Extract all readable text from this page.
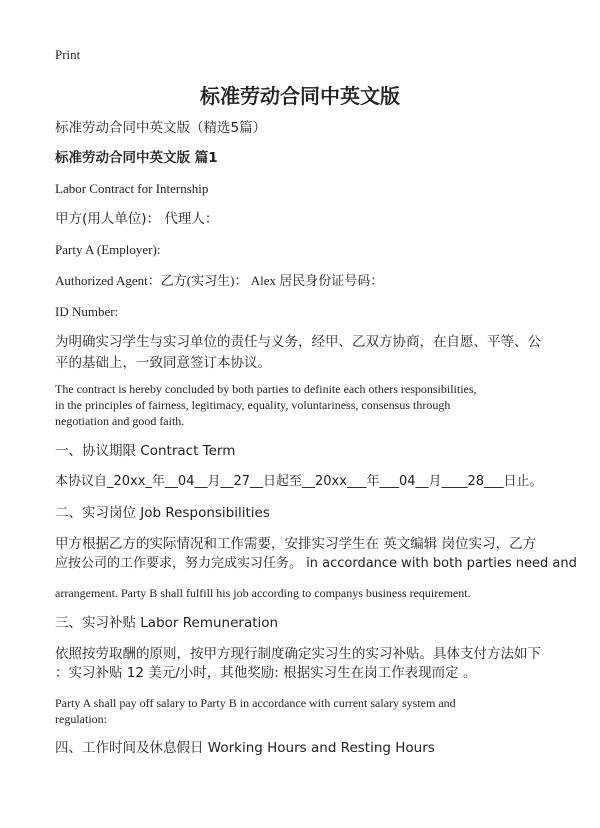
Print
标准劳动合同中英文版
标准劳动合同中英文版（精选5篇）
标准劳动合同中英文版 篇1
Labor Contract for Internship
甲方(用人单位)： 代理人：
Party A (Employer):
Authorized Agent：乙方(实习生)： Alex 居民身份证号码：
ID Number:
为明确实习学生与实习单位的责任与义务，经甲、乙双方协商，在自愿、平等、公
平的基础上，一致同意签订本协议。
The contract is hereby concluded by both parties to definite each others responsibilities,
in the principles of fairness, legitimacy, equality, voluntariness, consensus through
negotiation and good faith.
一、协议期限 Contract Term
本协议自_20xx_年__04__月__27__日起至__20xx___年___04__月____28___日止。
二、实习岗位 Job Responsibilities
甲方根据乙方的实际情况和工作需要，安排实习学生在 英文编辑 岗位实习，乙方
应按公司的工作要求，努力完成实习任务。 in accordance with both parties need and
arrangement. Party B shall fulfill his job according to companys business requirement.
三、实习补贴 Labor Remuneration
依照按劳取酬的原则，按甲方现行制度确定实习生的实习补贴。具体支付方法如下
：实习补贴 12 美元/小时，其他奖励: 根据实习生在岗工作表现而定 。
Party A shall pay off salary to Party B in accordance with current salary system and
regulation:
四、工作时间及休息假日 Working Hours and Resting Hours
